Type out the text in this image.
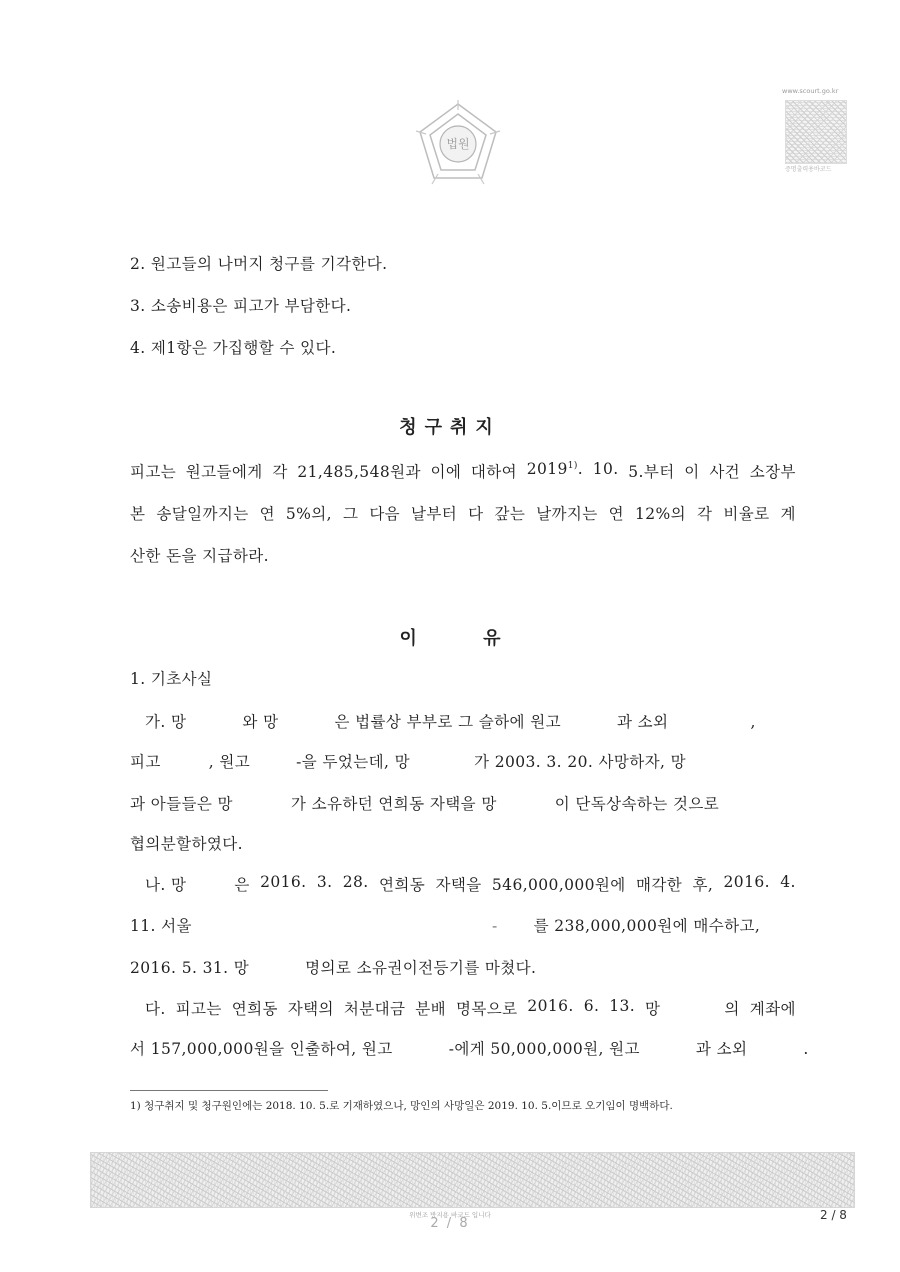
법원
www.scourt.go.kr
증명출력용바코드
2. 원고들의 나머지 청구를 기각한다.
3. 소송비용은 피고가 부담한다.
4. 제1항은 가집행할 수 있다.
청구취지
피고는 원고들에게 각 21,485,548원과 이에 대하여 2019$^{1)}$. 10. 5.부터 이 사건 소장부
본 송달일까지는 연 5%의, 그 다음 날부터 다 갚는 날까지는 연 12%의 각 비율로 계
산한 돈을 지급하라.
이 유
1. 기초사실
가. 망	와 망	은 법률상 부부로 그 슬하에 원고	과 소외	,
피고	, 원고	-을 두었는데, 망	가 2003. 3. 20. 사망하자, 망
과 아들들은 망	가 소유하던 연희동 자택을 망	이 단독상속하는 것으로
협의분할하였다.
나. 망	은 2016. 3. 28. 연희동 자택을 546,000,000원에 매각한 후, 2016. 4.
11. 서울	- 를 238,000,000원에 매수하고,
2016. 5. 31. 망	명의로 소유권이전등기를 마쳤다.
다. 피고는 연희동 자택의 처분대금 분배 명목으로 2016. 6. 13. 망	의 계좌에
서 157,000,000원을 인출하여, 원고	-에게 50,000,000원, 원고	과 소외	.
1) 청구취지 및 청구원인에는 2018. 10. 5.로 기재하였으나, 망인의 사망일은 2019. 10. 5.이므로 오기임이 명백하다.
위변조 방지용 바코드 입니다
2 / 8
2 / 8
